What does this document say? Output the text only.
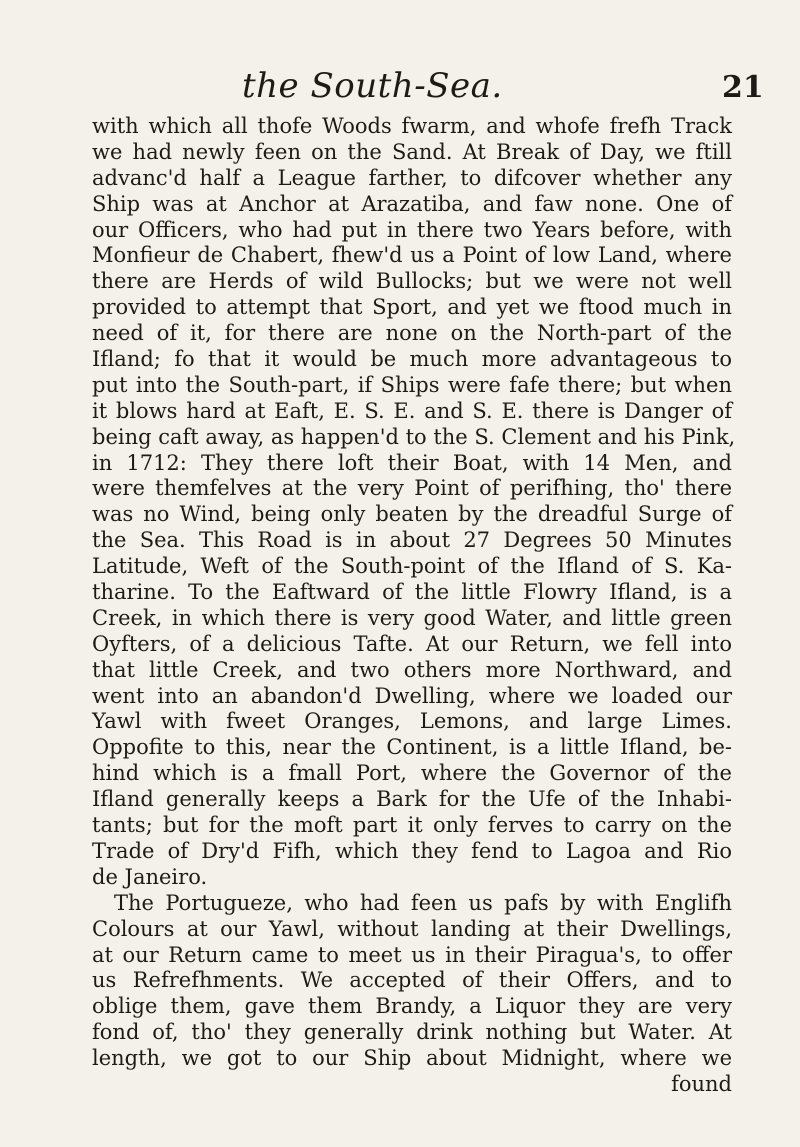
the South-Sea.	21
with which all thofe Woods fwarm, and whofe frefh Track
we had newly feen on the Sand. At Break of Day, we ftill
advanc'd half a League farther, to difcover whether any
Ship was at Anchor at Arazatiba, and faw none. One of
our Officers, who had put in there two Years before, with
Monfieur de Chabert, fhew'd us a Point of low Land, where
there are Herds of wild Bullocks; but we were not well
provided to attempt that Sport, and yet we ftood much in
need of it, for there are none on the North-part of the
Ifland; fo that it would be much more advantageous to
put into the South-part, if Ships were fafe there; but when
it blows hard at Eaft, E. S. E. and S. E. there is Danger of
being caft away, as happen'd to the S. Clement and his Pink,
in 1712: They there loft their Boat, with 14 Men, and
were themfelves at the very Point of perifhing, tho' there
was no Wind, being only beaten by the dreadful Surge of
the Sea. This Road is in about 27 Degrees 50 Minutes
Latitude, Weft of the South-point of the Ifland of S. Ka-
tharine. To the Eaftward of the little Flowry Ifland, is a
Creek, in which there is very good Water, and little green
Oyfters, of a delicious Tafte. At our Return, we fell into
that little Creek, and two others more Northward, and
went into an abandon'd Dwelling, where we loaded our
Yawl with fweet Oranges, Lemons, and large Limes.
Oppofite to this, near the Continent, is a little Ifland, be-
hind which is a fmall Port, where the Governor of the
Ifland generally keeps a Bark for the Ufe of the Inhabi-
tants; but for the moft part it only ferves to carry on the
Trade of Dry'd Fifh, which they fend to Lagoa and Rio
de Janeiro.
The Portugueze, who had feen us pafs by with Englifh
Colours at our Yawl, without landing at their Dwellings,
at our Return came to meet us in their Piragua's, to offer
us Refrefhments. We accepted of their Offers, and to
oblige them, gave them Brandy, a Liquor they are very
fond of, tho' they generally drink nothing but Water. At
length, we got to our Ship about Midnight, where we
found
